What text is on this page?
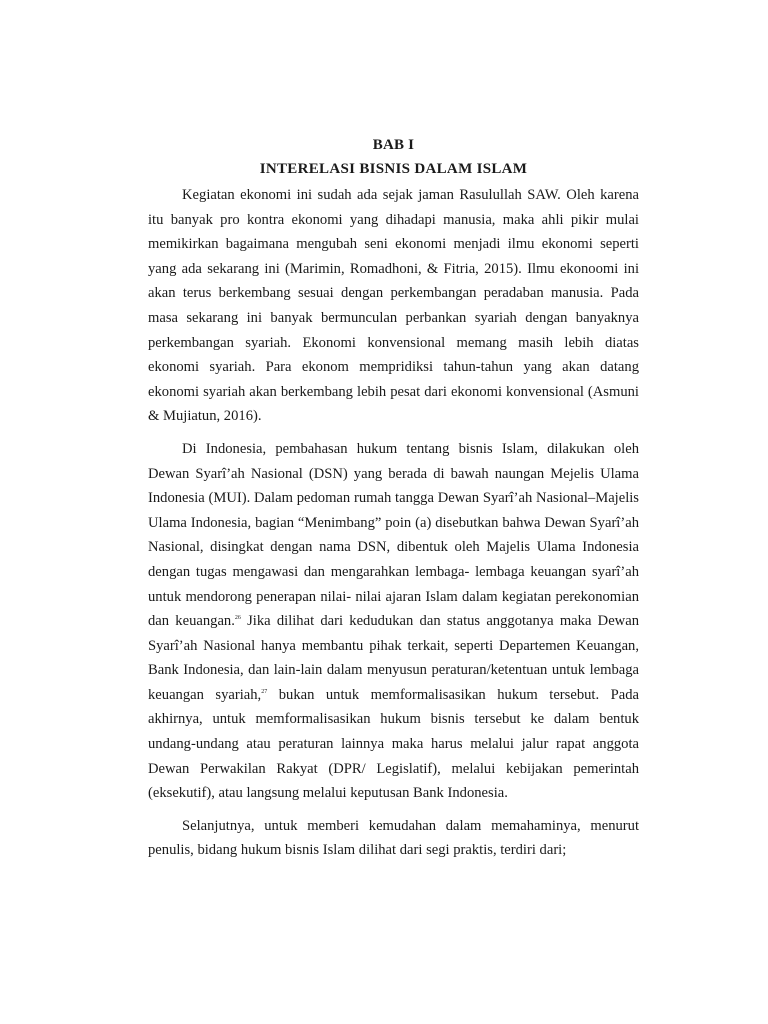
BAB I

INTERELASI BISNIS DALAM ISLAM

Kegiatan ekonomi ini sudah ada sejak jaman Rasulullah SAW. Oleh karena itu banyak pro kontra ekonomi yang dihadapi manusia, maka ahli pikir mulai memikirkan bagaimana mengubah seni ekonomi menjadi ilmu ekonomi seperti yang ada sekarang ini (Marimin, Romadhoni, & Fitria, 2015). Ilmu ekonoomi ini akan terus berkembang sesuai dengan perkembangan peradaban manusia. Pada masa sekarang ini banyak bermunculan perbankan syariah dengan banyaknya perkembangan syariah. Ekonomi konvensional memang masih lebih diatas ekonomi syariah. Para ekonom mempridiksi tahun-tahun yang akan datang ekonomi syariah akan berkembang lebih pesat dari ekonomi konvensional (Asmuni & Mujiatun, 2016).

Di Indonesia, pembahasan hukum tentang bisnis Islam, dilakukan oleh Dewan Syarî’ah Nasional (DSN) yang berada di bawah naungan Mejelis Ulama Indonesia (MUI). Dalam pedoman rumah tangga Dewan Syarî’ah Nasional–Majelis Ulama Indonesia, bagian “Menimbang” poin (a) disebutkan bahwa Dewan Syarî’ah Nasional, disingkat dengan nama DSN, dibentuk oleh Majelis Ulama Indonesia dengan tugas mengawasi dan mengarahkan lembaga- lembaga keuangan syarî’ah untuk mendorong penerapan nilai- nilai ajaran Islam dalam kegiatan perekonomian dan keuangan.$^{26}$ Jika dilihat dari kedudukan dan status anggotanya maka Dewan Syarî’ah Nasional hanya membantu pihak terkait, seperti Departemen Keuangan, Bank Indonesia, dan lain-lain dalam menyusun peraturan/ketentuan untuk lembaga keuangan syariah,$^{27}$ bukan untuk memformalisasikan hukum tersebut. Pada akhirnya, untuk memformalisasikan hukum bisnis tersebut ke dalam bentuk undang-undang atau peraturan lainnya maka harus melalui jalur rapat anggota Dewan Perwakilan Rakyat (DPR/ Legislatif), melalui kebijakan pemerintah (eksekutif), atau langsung melalui keputusan Bank Indonesia.

Selanjutnya, untuk memberi kemudahan dalam memahaminya, menurut penulis, bidang hukum bisnis Islam dilihat dari segi praktis, terdiri dari;
